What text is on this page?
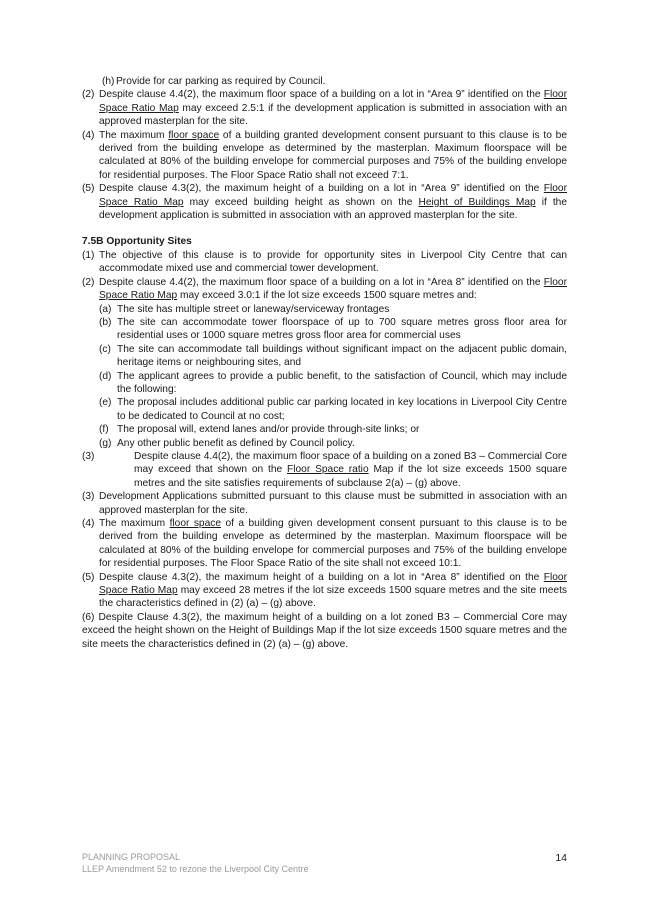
(h) Provide for car parking as required by Council.

(2) Despite clause 4.4(2), the maximum floor space of a building on a lot in “Area 9” identified on the Floor Space Ratio Map may exceed 2.5:1 if the development application is submitted in association with an approved masterplan for the site.

(4) The maximum floor space of a building granted development consent pursuant to this clause is to be derived from the building envelope as determined by the masterplan. Maximum floorspace will be calculated at 80% of the building envelope for commercial purposes and 75% of the building envelope for residential purposes. The Floor Space Ratio shall not exceed 7:1.

(5) Despite clause 4.3(2), the maximum height of a building on a lot in “Area 9” identified on the Floor Space Ratio Map may exceed building height as shown on the Height of Buildings Map if the development application is submitted in association with an approved masterplan for the site.

7.5B Opportunity Sites

(1) The objective of this clause is to provide for opportunity sites in Liverpool City Centre that can accommodate mixed use and commercial tower development.

(2) Despite clause 4.4(2), the maximum floor space of a building on a lot in “Area 8” identified on the Floor Space Ratio Map may exceed 3.0:1 if the lot size exceeds 1500 square metres and:

(a) The site has multiple street or laneway/serviceway frontages

(b) The site can accommodate tower floorspace of up to 700 square metres gross floor area for residential uses or 1000 square metres gross floor area for commercial uses

(c) The site can accommodate tall buildings without significant impact on the adjacent public domain, heritage items or neighbouring sites, and

(d) The applicant agrees to provide a public benefit, to the satisfaction of Council, which may include the following:

(e) The proposal includes additional public car parking located in key locations in Liverpool City Centre to be dedicated to Council at no cost;

(f) The proposal will, extend lanes and/or provide through-site links; or

(g) Any other public benefit as defined by Council policy.

(3)	Despite clause 4.4(2), the maximum floor space of a building on a zoned B3 – Commercial Core may exceed that shown on the Floor Space ratio Map if the lot size exceeds 1500 square metres and the site satisfies requirements of subclause 2(a) – (g) above.

(3) Development Applications submitted pursuant to this clause must be submitted in association with an approved masterplan for the site.

(4) The maximum floor space of a building given development consent pursuant to this clause is to be derived from the building envelope as determined by the masterplan. Maximum floorspace will be calculated at 80% of the building envelope for commercial purposes and 75% of the building envelope for residential purposes. The Floor Space Ratio of the site shall not exceed 10:1.

(5) Despite clause 4.3(2), the maximum height of a building on a lot in “Area 8” identified on the Floor Space Ratio Map may exceed 28 metres if the lot size exceeds 1500 square metres and the site meets the characteristics defined in (2) (a) – (g) above.

(6) Despite Clause 4.3(2), the maximum height of a building on a lot zoned B3 – Commercial Core may exceed the height shown on the Height of Buildings Map if the lot size exceeds 1500 square metres and the site meets the characteristics defined in (2) (a) – (g) above.

PLANNING PROPOSAL
LLEP Amendment 52 to rezone the Liverpool City Centre
14
